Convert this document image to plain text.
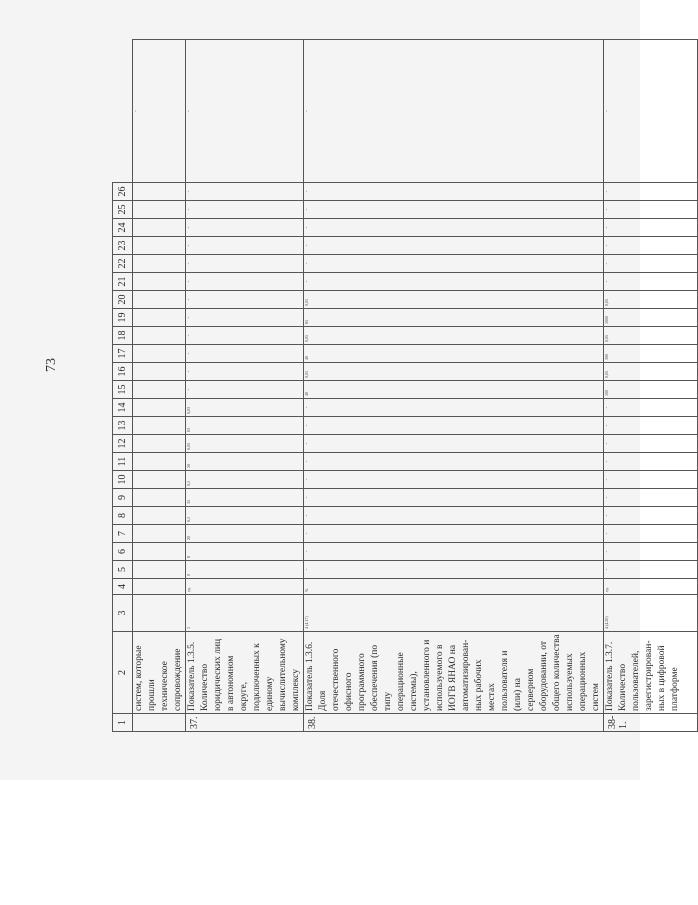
73
1	2	3	4	5	6	7	8	9	10	11	12	13	14	15	16	17	18	19	20	21	22	23	24	25	26	
	систем, которые прошли техническое сопровождение																									-
37.	Показатель 1.3.5. Количество юридических лиц в автономном округе, подключенных к единому вычислительному комплексу	1	ед.	0	8	20	0,1	35	0,1	50	0,05	63	0,03	-	-	-	-	-	-	-	-	-	-	-	-	-
38.	Показатель 1.3.6. Доля отечественного офисного программного обеспечения (по типу операционные системы), установленного и используемого в ИОГВ ЯНАО на автоматизирован-ных рабочих местах пользователя и (или) на серверном оборудовании, от общего количества используемых операционных систем	4 (4.17)	%	-	-	-	-	-	-	-	-	-	-	40	0,05	40	0,05	65	0,05	-	-	-	-	-	-	-
38-1.	Показатель 1.3.7. Количество пользователей, зарегистрирован-ных в цифровой платформе	4 (4.20)	ед.	-	-	-	-	-	-	-	-	-	-	100	0,05	300	0,05	1000	0,05	-	-	-	-	-	-	-
